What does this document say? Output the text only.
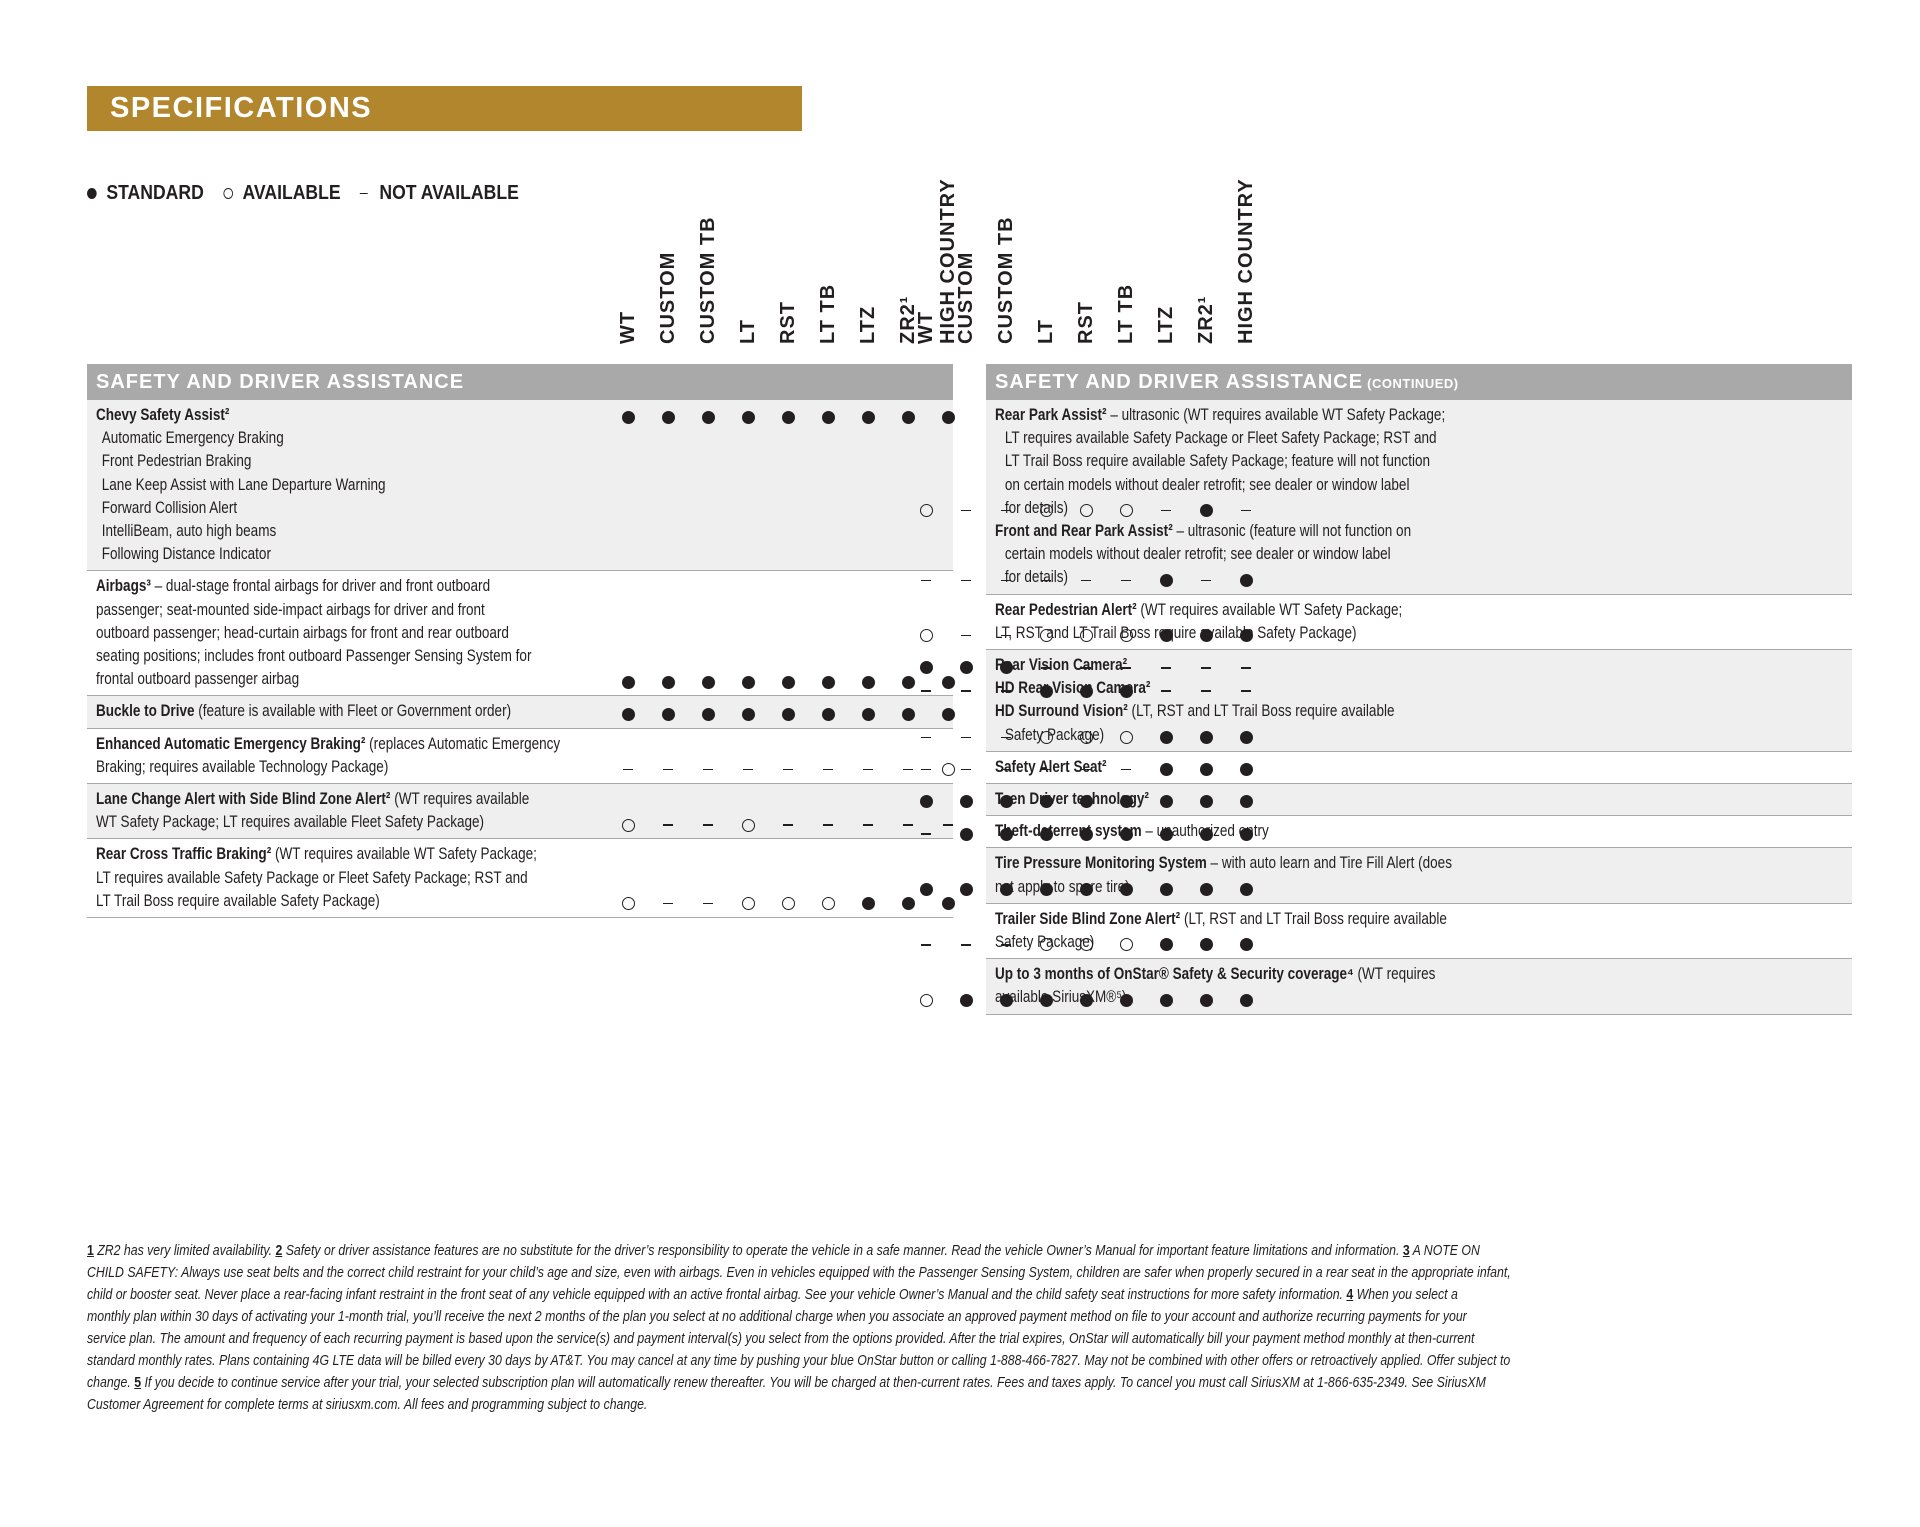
SPECIFICATIONS
STANDARD AVAILABLE NOT AVAILABLE
WT CUSTOM CUSTOM TB LT RST LT TB LTZ ZR2¹ HIGH COUNTRY
SAFETY AND DRIVER ASSISTANCE
Chevy Safety Assist²
Automatic Emergency Braking
Front Pedestrian Braking
Lane Keep Assist with Lane Departure Warning
Forward Collision Alert
IntelliBeam, auto high beams
Following Distance Indicator
Airbags³ – dual-stage frontal airbags for driver and front outboard
passenger; seat-mounted side-impact airbags for driver and front
outboard passenger; head-curtain airbags for front and rear outboard
seating positions; includes front outboard Passenger Sensing System for
frontal outboard passenger airbag
Buckle to Drive (feature is available with Fleet or Government order)
Enhanced Automatic Emergency Braking² (replaces Automatic Emergency
Braking; requires available Technology Package)
Lane Change Alert with Side Blind Zone Alert² (WT requires available
WT Safety Package; LT requires available Fleet Safety Package)
Rear Cross Traffic Braking² (WT requires available WT Safety Package;
LT requires available Safety Package or Fleet Safety Package; RST and
LT Trail Boss require available Safety Package)
WT CUSTOM CUSTOM TB LT RST LT TB LTZ ZR2¹ HIGH COUNTRY
SAFETY AND DRIVER ASSISTANCE (CONTINUED)
Rear Park Assist² – ultrasonic (WT requires available WT Safety Package;
LT requires available Safety Package or Fleet Safety Package; RST and
LT Trail Boss require available Safety Package; feature will not function
on certain models without dealer retrofit; see dealer or window label
for details)
Front and Rear Park Assist² – ultrasonic (feature will not function on
certain models without dealer retrofit; see dealer or window label
for details)
Rear Pedestrian Alert² (WT requires available WT Safety Package;
LT, RST and LT Trail Boss require available Safety Package)
Rear Vision Camera²
HD Rear Vision Camera²
HD Surround Vision² (LT, RST and LT Trail Boss require available
Safety Package)
Safety Alert Seat²
Teen Driver technology²
Theft-deterrent system – unauthorized entry
Tire Pressure Monitoring System – with auto learn and Tire Fill Alert (does
not apply to spare tire)
Trailer Side Blind Zone Alert² (LT, RST and LT Trail Boss require available
Safety Package)
Up to 3 months of OnStar® Safety & Security coverage⁴ (WT requires
available SiriusXM®⁵)
1 ZR2 has very limited availability. 2 Safety or driver assistance features are no substitute for the driver’s responsibility to operate the vehicle in a safe manner. Read the vehicle Owner’s Manual for important feature limitations and information. 3 A NOTE ON
CHILD SAFETY: Always use seat belts and the correct child restraint for your child’s age and size, even with airbags. Even in vehicles equipped with the Passenger Sensing System, children are safer when properly secured in a rear seat in the appropriate infant,
child or booster seat. Never place a rear-facing infant restraint in the front seat of any vehicle equipped with an active frontal airbag. See your vehicle Owner’s Manual and the child safety seat instructions for more safety information. 4 When you select a
monthly plan within 30 days of activating your 1-month trial, you’ll receive the next 2 months of the plan you select at no additional charge when you associate an approved payment method on file to your account and authorize recurring payments for your
service plan. The amount and frequency of each recurring payment is based upon the service(s) and payment interval(s) you select from the options provided. After the trial expires, OnStar will automatically bill your payment method monthly at then-current
standard monthly rates. Plans containing 4G LTE data will be billed every 30 days by AT&T. You may cancel at any time by pushing your blue OnStar button or calling 1-888-466-7827. May not be combined with other offers or retroactively applied. Offer subject to
change. 5 If you decide to continue service after your trial, your selected subscription plan will automatically renew thereafter. You will be charged at then-current rates. Fees and taxes apply. To cancel you must call SiriusXM at 1-866-635-2349. See SiriusXM
Customer Agreement for complete terms at siriusxm.com. All fees and programming subject to change.
